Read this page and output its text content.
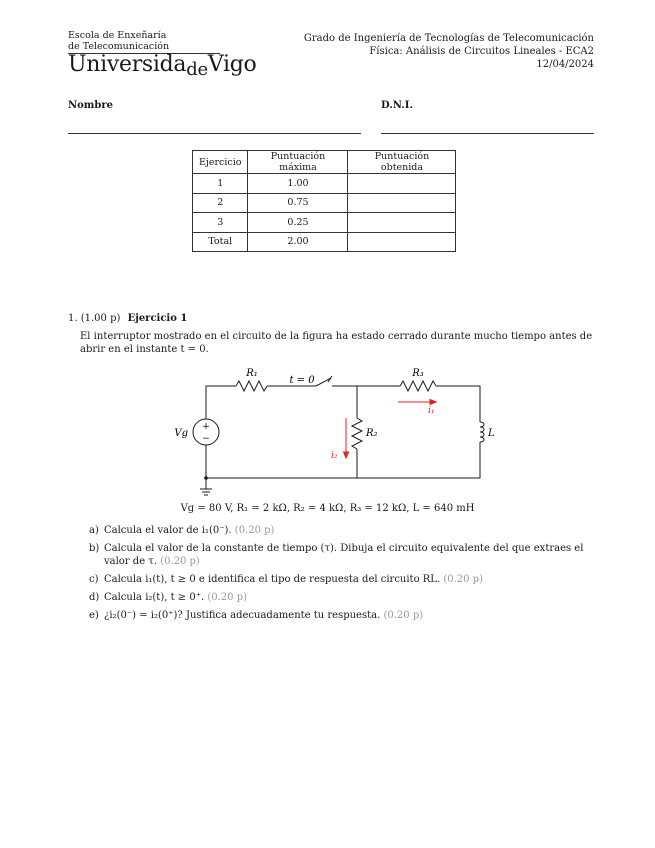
Escola de Enxeñaría
de Telecomunicación
UniversidadeVigo
Grado de Ingeniería de Tecnologías de Telecomunicación
Física: Análisis de Circuitos Lineales - ECA2
12/04/2024
Nombre	D.N.I.
Ejercicio	Puntuación máxima	Puntuación obtenida
1	1.00	
2	0.75	
3	0.25	
Total	2.00	
1. (1.00 p) Ejercicio 1
El interruptor mostrado en el circuito de la figura ha estado cerrado durante mucho tiempo antes de abrir en el instante t = 0.
+
−
R₁
t = 0
R₃
R₂	L
Vg
i₁
i₂
Vg = 80 V, R₁ = 2 kΩ, R₂ = 4 kΩ, R₃ = 12 kΩ, L = 640 mH
a) Calcula el valor de i₁(0⁻). (0.20 p)
b) Calcula el valor de la constante de tiempo (τ). Dibuja el circuito equivalente del que extraes el valor de τ. (0.20 p)
c) Calcula i₁(t), t ≥ 0 e identifica el tipo de respuesta del circuito RL. (0.20 p)
d) Calcula i₂(t), t ≥ 0⁺. (0.20 p)
e) ¿i₂(0⁻) = i₂(0⁺)? Justifica adecuadamente tu respuesta. (0.20 p)
